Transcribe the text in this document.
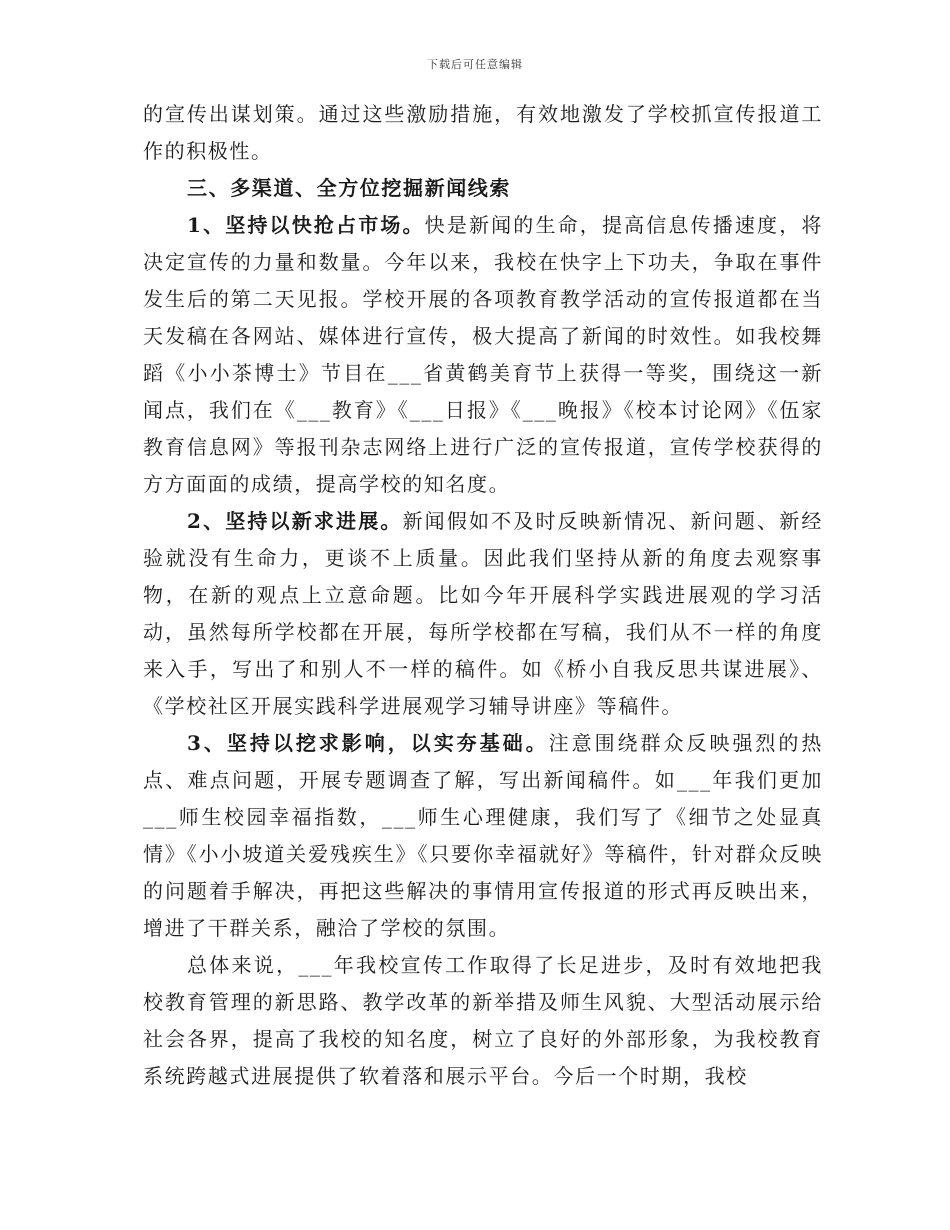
下载后可任意编辑

的宣传出谋划策。通过这些激励措施，有效地激发了学校抓宣传报道工作的积极性。

三、多渠道、全方位挖掘新闻线索

1、坚持以快抢占市场。快是新闻的生命，提高信息传播速度，将决定宣传的力量和数量。今年以来，我校在快字上下功夫，争取在事件发生后的第二天见报。学校开展的各项教育教学活动的宣传报道都在当天发稿在各网站、媒体进行宣传，极大提高了新闻的时效性。如我校舞蹈《小小茶博士》节目在___省黄鹤美育节上获得一等奖，围绕这一新闻点，我们在《___教育》《___日报》《___晚报》《校本讨论网》《伍家教育信息网》等报刊杂志网络上进行广泛的宣传报道，宣传学校获得的方方面面的成绩，提高学校的知名度。

2、坚持以新求进展。新闻假如不及时反映新情况、新问题、新经验就没有生命力，更谈不上质量。因此我们坚持从新的角度去观察事物，在新的观点上立意命题。比如今年开展科学实践进展观的学习活动，虽然每所学校都在开展，每所学校都在写稿，我们从不一样的角度来入手，写出了和别人不一样的稿件。如《桥小自我反思共谋进展》、《学校社区开展实践科学进展观学习辅导讲座》等稿件。

3、坚持以挖求影响，以实夯基础。注意围绕群众反映强烈的热点、难点问题，开展专题调查了解，写出新闻稿件。如___年我们更加___师生校园幸福指数，___师生心理健康，我们写了《细节之处显真情》《小小坡道关爱残疾生》《只要你幸福就好》等稿件，针对群众反映的问题着手解决，再把这些解决的事情用宣传报道的形式再反映出来，增进了干群关系，融洽了学校的氛围。

总体来说，___年我校宣传工作取得了长足进步，及时有效地把我校教育管理的新思路、教学改革的新举措及师生风貌、大型活动展示给社会各界，提高了我校的知名度，树立了良好的外部形象，为我校教育系统跨越式进展提供了软着落和展示平台。今后一个时期，我校
